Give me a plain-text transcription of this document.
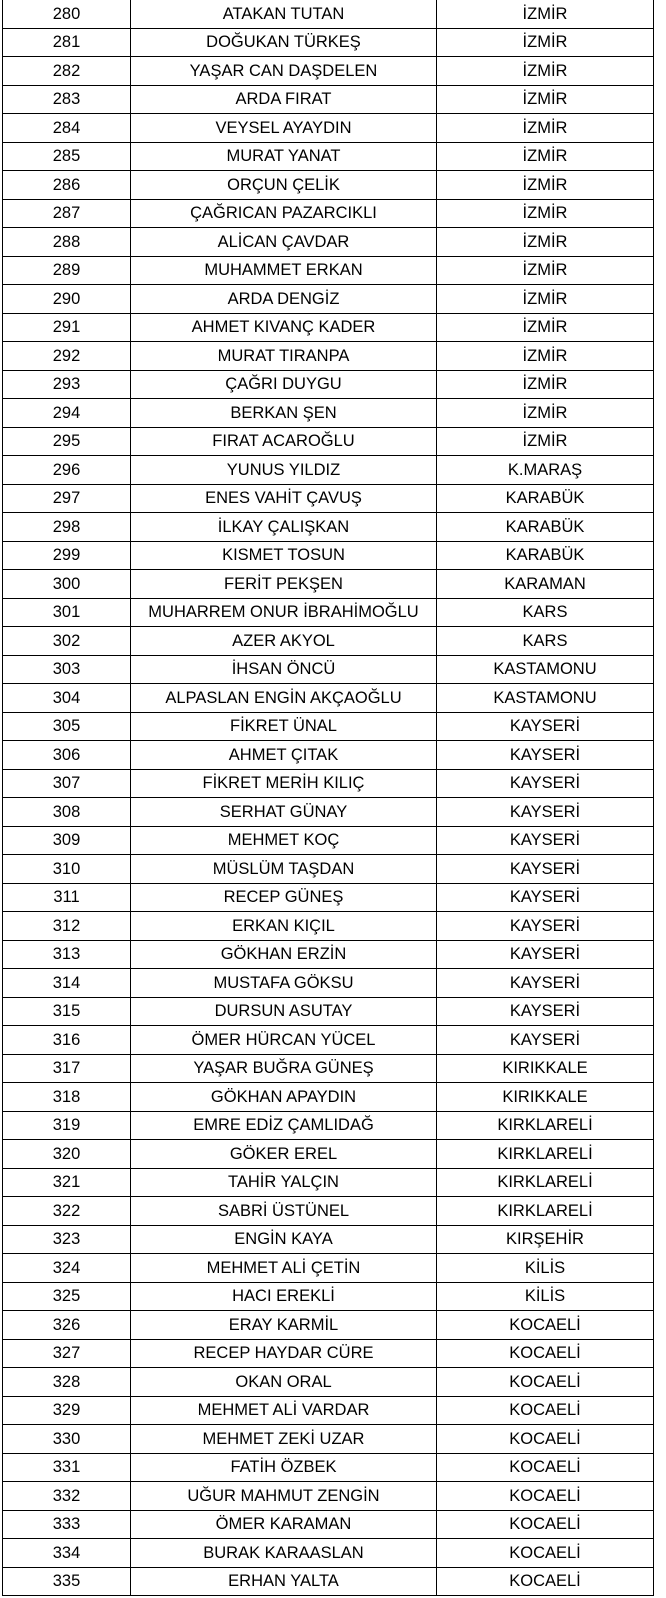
280	ATAKAN TUTAN	İZMİR
281	DOĞUKAN TÜRKEŞ	İZMİR
282	YAŞAR CAN DAŞDELEN	İZMİR
283	ARDA FIRAT	İZMİR
284	VEYSEL AYAYDIN	İZMİR
285	MURAT YANAT	İZMİR
286	ORÇUN ÇELİK	İZMİR
287	ÇAĞRICAN PAZARCIKLI	İZMİR
288	ALİCAN ÇAVDAR	İZMİR
289	MUHAMMET ERKAN	İZMİR
290	ARDA DENGİZ	İZMİR
291	AHMET KIVANÇ KADER	İZMİR
292	MURAT TIRANPA	İZMİR
293	ÇAĞRI DUYGU	İZMİR
294	BERKAN ŞEN	İZMİR
295	FIRAT ACAROĞLU	İZMİR
296	YUNUS YILDIZ	K.MARAŞ
297	ENES VAHİT ÇAVUŞ	KARABÜK
298	İLKAY ÇALIŞKAN	KARABÜK
299	KISMET TOSUN	KARABÜK
300	FERİT PEKŞEN	KARAMAN
301	MUHARREM ONUR İBRAHİMOĞLU	KARS
302	AZER AKYOL	KARS
303	İHSAN ÖNCÜ	KASTAMONU
304	ALPASLAN ENGİN AKÇAOĞLU	KASTAMONU
305	FİKRET ÜNAL	KAYSERİ
306	AHMET ÇITAK	KAYSERİ
307	FİKRET MERİH KILIÇ	KAYSERİ
308	SERHAT GÜNAY	KAYSERİ
309	MEHMET KOÇ	KAYSERİ
310	MÜSLÜM TAŞDAN	KAYSERİ
311	RECEP GÜNEŞ	KAYSERİ
312	ERKAN KIÇIL	KAYSERİ
313	GÖKHAN ERZİN	KAYSERİ
314	MUSTAFA GÖKSU	KAYSERİ
315	DURSUN ASUTAY	KAYSERİ
316	ÖMER HÜRCAN YÜCEL	KAYSERİ
317	YAŞAR BUĞRA GÜNEŞ	KIRIKKALE
318	GÖKHAN APAYDIN	KIRIKKALE
319	EMRE EDİZ ÇAMLIDAĞ	KIRKLARELİ
320	GÖKER EREL	KIRKLARELİ
321	TAHİR YALÇIN	KIRKLARELİ
322	SABRİ ÜSTÜNEL	KIRKLARELİ
323	ENGİN KAYA	KIRŞEHİR
324	MEHMET ALİ ÇETİN	KİLİS
325	HACI EREKLİ	KİLİS
326	ERAY KARMİL	KOCAELİ
327	RECEP HAYDAR CÜRE	KOCAELİ
328	OKAN ORAL	KOCAELİ
329	MEHMET ALİ VARDAR	KOCAELİ
330	MEHMET ZEKİ UZAR	KOCAELİ
331	FATİH ÖZBEK	KOCAELİ
332	UĞUR MAHMUT ZENGİN	KOCAELİ
333	ÖMER KARAMAN	KOCAELİ
334	BURAK KARAASLAN	KOCAELİ
335	ERHAN YALTA	KOCAELİ
